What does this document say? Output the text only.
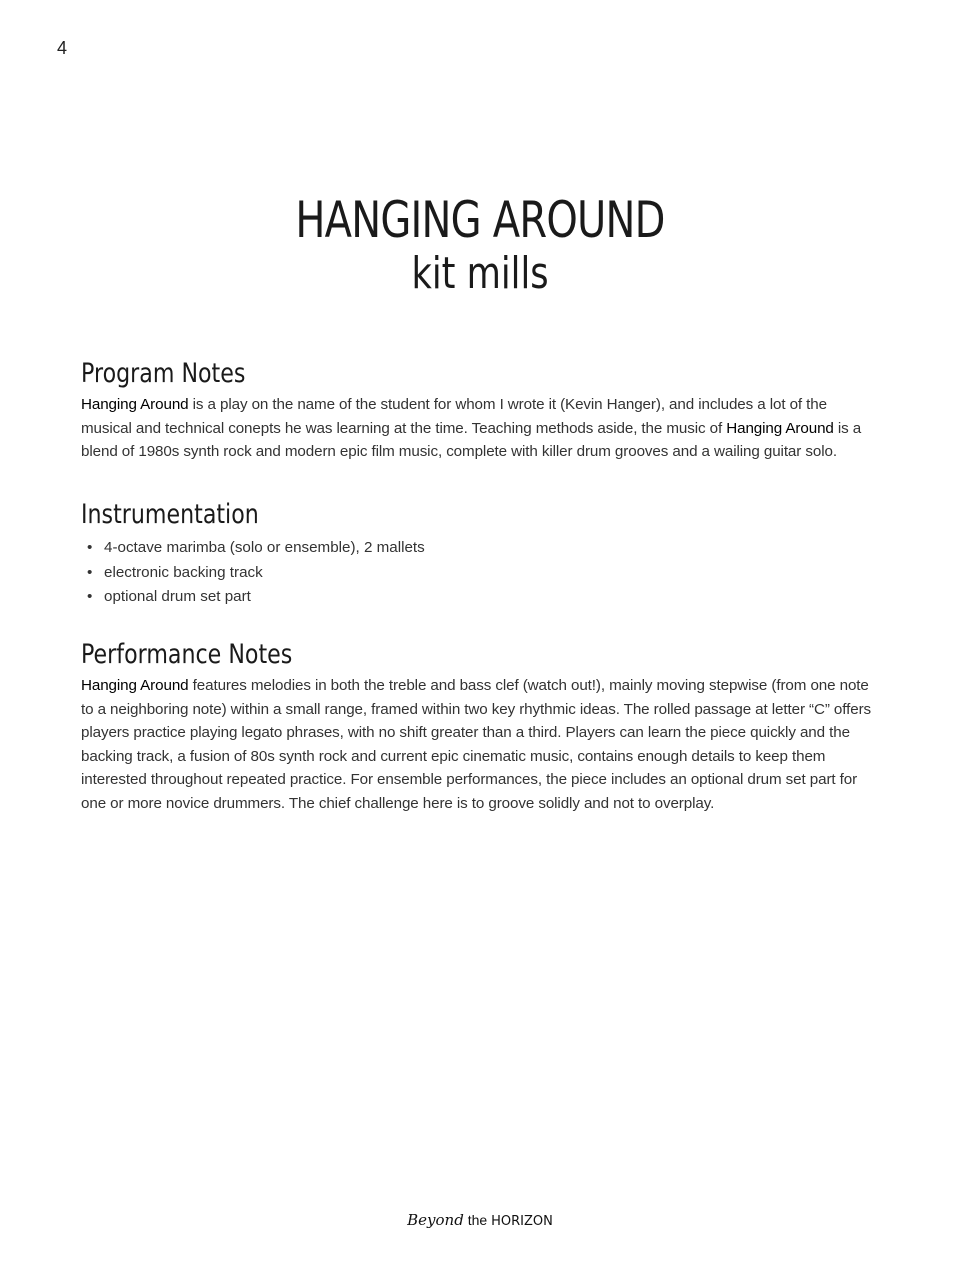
4
HANGING AROUND
kit mills
Program Notes

Hanging Around is a play on the name of the student for whom I wrote it (Kevin Hanger), and includes a lot of the musical and technical conepts he was learning at the time. Teaching methods aside, the music of Hanging Around is a blend of 1980s synth rock and modern epic film music, complete with killer drum grooves and a wailing guitar solo.

Instrumentation
• 4-octave marimba (solo or ensemble), 2 mallets
• electronic backing track
• optional drum set part
Performance Notes

Hanging Around features melodies in both the treble and bass clef (watch out!), mainly moving stepwise (from one note to a neighboring note) within a small range, framed within two key rhythmic ideas. The rolled passage at letter “C” offers players practice playing legato phrases, with no shift greater than a third. Players can learn the piece quickly and the backing track, a fusion of 80s synth rock and current epic cinematic music, contains enough details to keep them interested throughout repeated practice. For ensemble performances, the piece includes an optional drum set part for one or more novice drummers. The chief challenge here is to groove solidly and not to overplay.

Beyond the HORIZON
